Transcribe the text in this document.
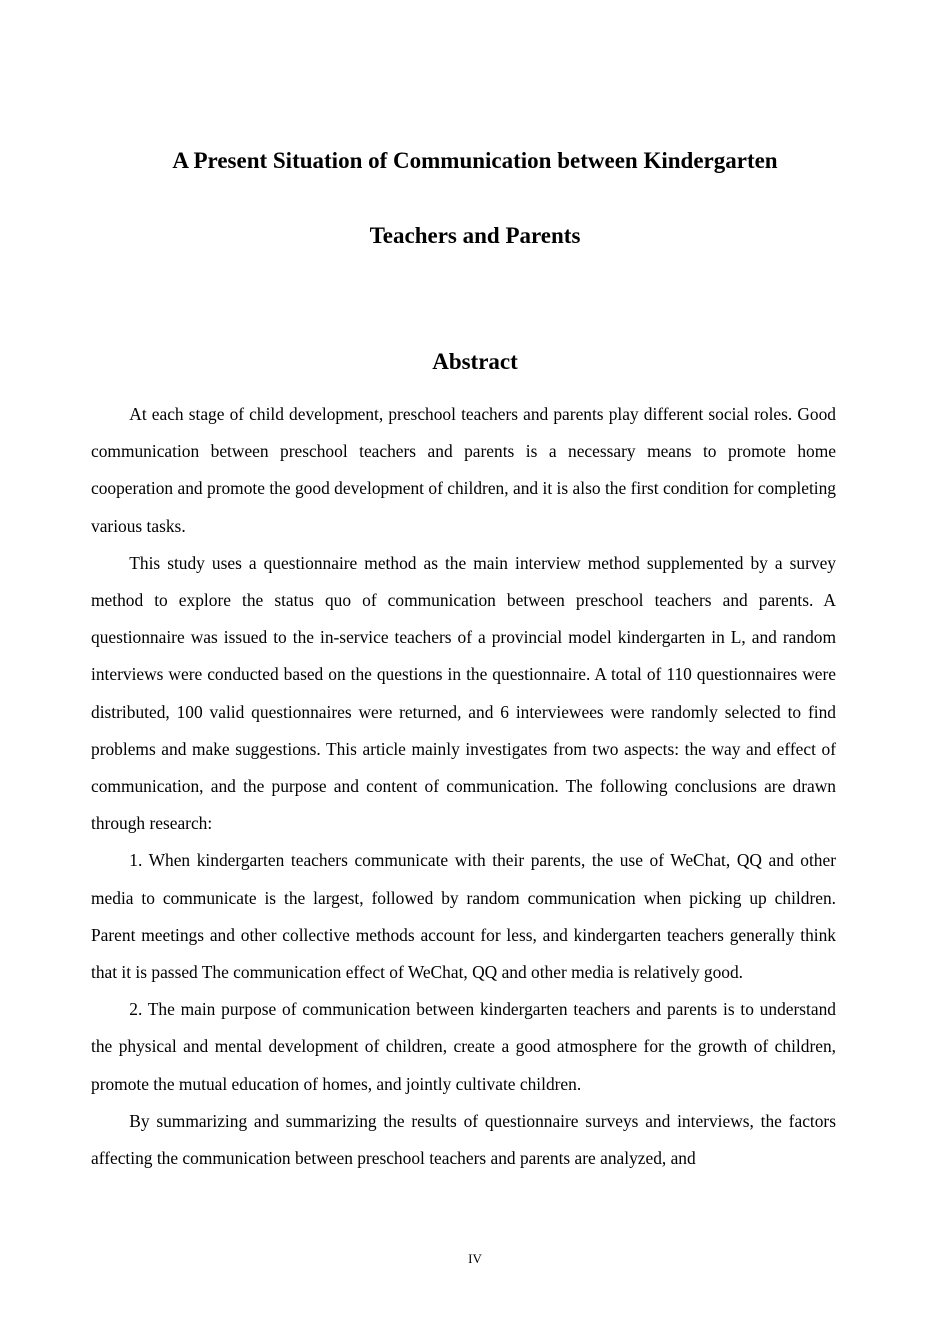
A Present Situation of Communication between Kindergarten
Teachers and Parents
Abstract

At each stage of child development, preschool teachers and parents play different social roles. Good communication between preschool teachers and parents is a necessary means to promote home cooperation and promote the good development of children, and it is also the first condition for completing various tasks.

This study uses a questionnaire method as the main interview method supplemented by a survey method to explore the status quo of communication between preschool teachers and parents. A questionnaire was issued to the in-service teachers of a provincial model kindergarten in L, and random interviews were conducted based on the questions in the questionnaire. A total of 110 questionnaires were distributed, 100 valid questionnaires were returned, and 6 interviewees were randomly selected to find problems and make suggestions. This article mainly investigates from two aspects: the way and effect of communication, and the purpose and content of communication. The following conclusions are drawn through research:

1. When kindergarten teachers communicate with their parents, the use of WeChat, QQ and other media to communicate is the largest, followed by random communication when picking up children. Parent meetings and other collective methods account for less, and kindergarten teachers generally think that it is passed The communication effect of WeChat, QQ and other media is relatively good.

2. The main purpose of communication between kindergarten teachers and parents is to understand the physical and mental development of children, create a good atmosphere for the growth of children, promote the mutual education of homes, and jointly cultivate children.

By summarizing and summarizing the results of questionnaire surveys and interviews, the factors affecting the communication between preschool teachers and parents are analyzed, and

IV
